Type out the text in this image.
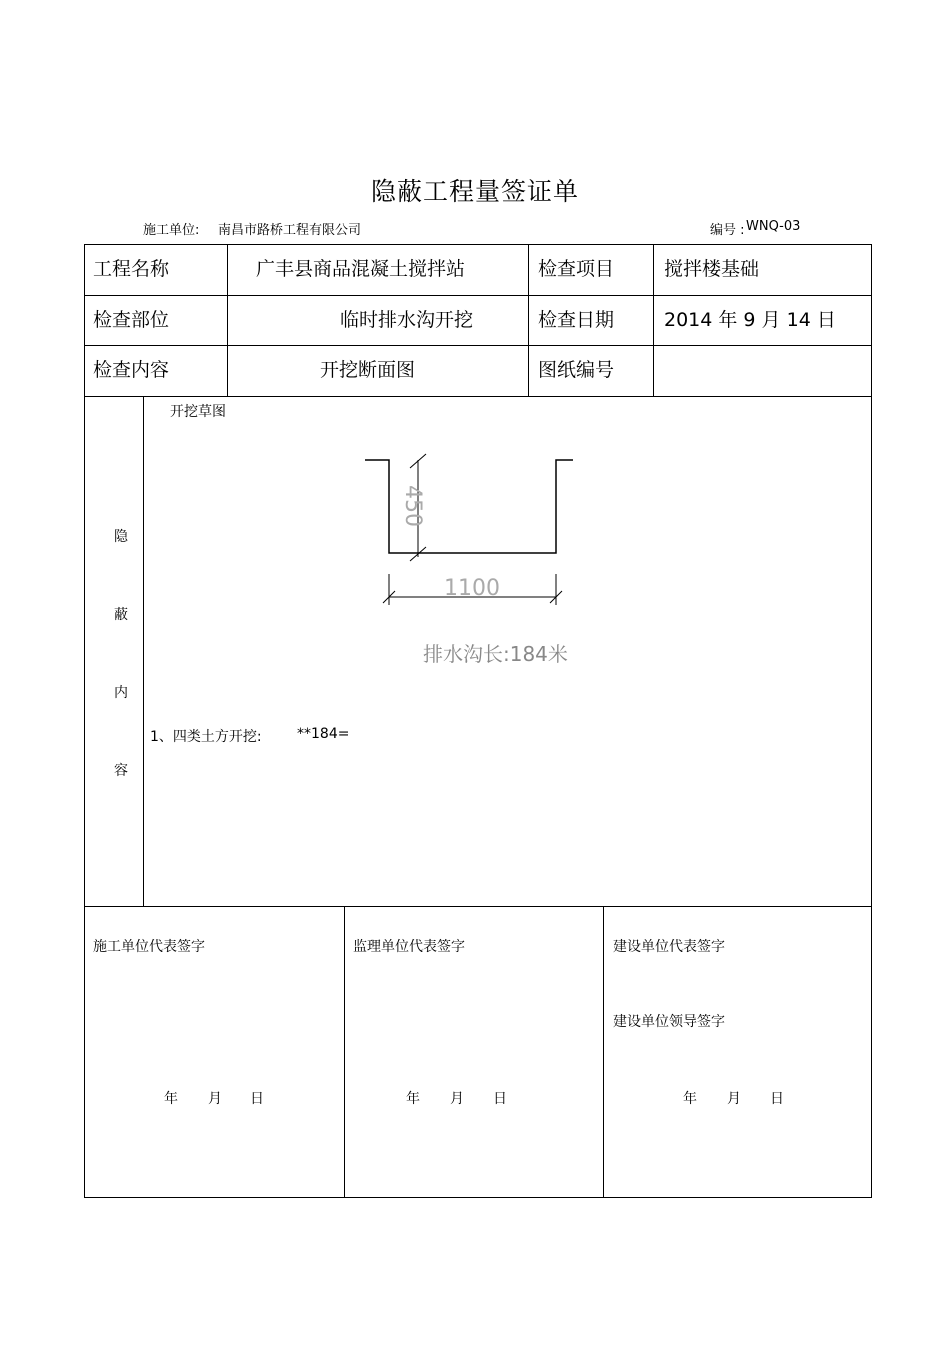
隐蔽工程量签证单
施工单位: 南昌市路桥工程有限公司	编号 : WNQ-03
工程名称	广丰县商品混凝土搅拌站	检查项目	搅拌楼基础
检查部位	临时排水沟开挖	检查日期	2014 年 9 月 14 日
检查内容	开挖断面图	图纸编号
隐
蔽
内
容
开挖草图
450
1100
排水沟长:184米
1、四类土方开挖:	**184=
施工单位代表签字	监理单位代表签字	建设单位代表签字
建设单位领导签字
年 月 日	年 月 日	年 月 日
